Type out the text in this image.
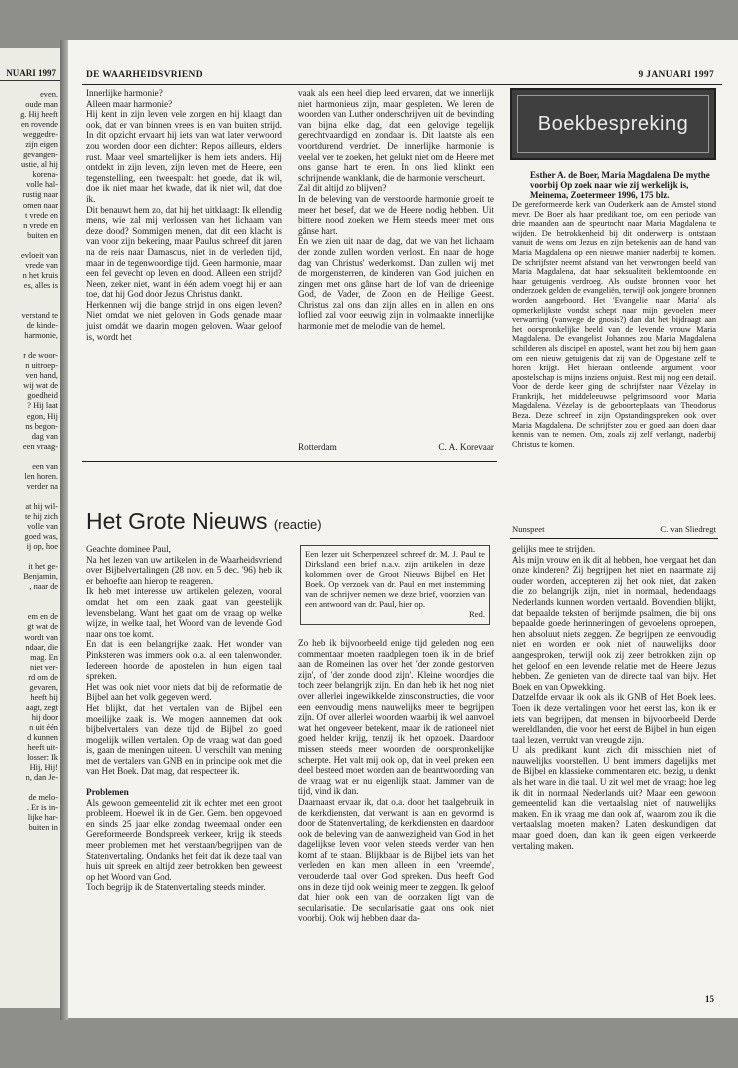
NUARI 1997
even.
oude man
g. Hij heeft
en rovende
weggedre-
zijn eigen
gevangen-
ustie, al hij
korena-
volle hal-
rustig naar
omen naar
t vrede en
n vrede en
buiten en

evloeit van
vrede van
n het kruis
es, alles is

verstand te
de kinde-
harmonie,

r de woor-
n uitroep-
ven hand,
wij wat de
goedheid
? Hij laat
egon, Hij
ns begon-
dag van
een vraag-

een van
len horen.
verder na

at hij wil-
te hij zich
volle van
goed was,
ij op, hoe

it het ge-
Benjamin,
, naar de

em en de
gt wat de
wordt van
ndaar, die
mag. En
niet ver-
rd om de
gevaren,
heeft hij
aagt, zegt
hij door
n uit één
d kunnen
heeft uit-
losser: Ik
Hij, Hij!
n, dan Je-

de melo-
. Er is in-
lijke har-
buiten in
DE WAARHEIDSVRIEND	9 JANUARI 1997

Innerlijke harmonie?

Alleen maar harmonie?

Hij kent in zijn leven vele zorgen en hij klaagt dan ook, dat er van binnen vrees is en van buiten strijd. In dit opzicht ervaart hij iets van wat later verwoord zou worden door een dichter: Repos ailleurs, elders rust. Maar veel smartelijker is hem iets anders. Hij ontdekt in zijn leven, zijn leven met de Heere, een tegenstelling, een tweespalt: het goede, dat ik wil, doe ik niet maar het kwade, dat ik niet wil, dat doe ik.

Dit benauwt hem zo, dat hij het uitklaagt: Ik ellendig mens, wie zal mij verlossen van het lichaam van deze dood? Sommigen menen, dat dit een klacht is van voor zijn bekering, maar Paulus schreef dit jaren na de reis naar Damascus, niet in de verleden tijd, maar in de tegenwoordige tijd. Geen harmonie, maar een fel gevecht op leven en dood. Alleen een strijd? Neen, zeker niet, want in één adem voegt hij er aan toe, dat hij God door Jezus Christus dankt.

Herkennen wij die bange strijd in ons eigen leven? Niet omdat we niet geloven in Gods genade maar juist omdát we daarin mogen geloven. Waar geloof is, wordt het

vaak als een heel diep leed ervaren, dat we innerlijk niet harmonieus zijn, maar gespleten. We leren de woorden van Luther onderschrijven uit de bevinding van bijna elke dag, dat een gelovige tegelijk gerechtvaardigd en zondaar is. Dit laatste als een voortdurend verdriet. De innerlijke harmonie is veelal ver te zoeken, het gelukt niet om de Heere met ons ganse hart te eren. In ons lied klinkt een schrijnende wanklank, die de harmonie verscheurt.

Zal dit altijd zo blijven?

In de beleving van de verstoorde harmonie groeit te meer het besef, dat we de Heere nodig hebben. Uit bittere nood zoeken we Hem steeds meer met ons gânse hart.

En we zien uit naar de dag, dat we van het lichaam der zonde zullen worden verlost. En naar de hoge dag van Christus' wederkomst. Dan zullen wij met de morgensterren, de kinderen van God juichen en zingen met ons gânse hart de lof van de drieenige God, de Vader, de Zoon en de Heilige Geest. Christus zal ons dan zijn alles en in allen en ons loflied zal voor eeuwig zijn in volmaakte innerlijke harmonie met de melodie van de hemel.

Rotterdam	C. A. Korevaar
Het Grote Nieuws (reactie)

Geachte dominee Paul,

Na het lezen van uw artikelen in de Waarheidsvriend over Bijbelvertalingen (28 nov. en 5 dec. '96) heb ik er behoefte aan hierop te reageren.

Ik heb met interesse uw artikelen gelezen, vooral omdat het om een zaak gaat van geestelijk levensbelang. Want het gaat om de vraag op welke wijze, in welke taal, het Woord van de levende God naar ons toe komt.

En dat is een belangrijke zaak. Het wonder van Pinksteren was immers ook o.a. al een talenwonder. Iedereen hoorde de apostelen in hun eigen taal spreken.

Het was ook niet voor niets dat bij de reformatie de Bijbel aan het volk gegeven werd.

Het blijkt, dat het vertalen van de Bijbel een moeilijke zaak is. We mogen aannemen dat ook bijbelvertalers van deze tijd de Bijbel zo goed mogelijk willen vertalen. Op de vraag wat dan goed is, gaan de meningen uiteen. U verschilt van mening met de vertalers van GNB en in principe ook met die van Het Boek. Dat mag, dat respecteer ik.

Problemen

Als gewoon gemeentelid zit ik echter met een groot probleem. Hoewel ik in de Ger. Gem. ben opgevoed en sinds 25 jaar elke zondag tweemaal onder een Gereformeerde Bondspreek verkeer, krijg ik steeds meer problemen met het verstaan/begrijpen van de Statenvertaling. Ondanks het feit dat ik deze taal van huis uit spreek en altijd zeer betrokken ben geweest op het Woord van God.

Toch begrijp ik de Statenvertaling steeds minder.

Een lezer uit Scherpenzeel schreef dr. M. J. Paul te Dirksland een brief n.a.v. zijn artikelen in deze kolommen over de Groot Nieuws Bijbel en Het Boek. Op verzoek van dr. Paul en met instemming van de schrijver nemen we deze brief, voorzien van een antwoord van dr. Paul, hier op.
Red.

Zo heb ik bijvoorbeeld enige tijd geleden nog een commentaar moeten raadplegen toen ik in de brief aan de Romeinen las over het 'der zonde gestorven zijn', of 'der zonde dood zijn'. Kleine woordjes die toch zeer belangrijk zijn. En dan heb ik het nog niet over allerlei ingewikkelde zinsconstructies, die voor een eenvoudig mens nauwelijks meer te begrijpen zijn. Of over allerlei woorden waarbij ik wel aanvoel wat het ongeveer betekent, maar ik de rationeel niet goed helder krijg, tenzij ik het opzoek. Daardoor missen steeds meer woorden de oorspronkelijke scherpte. Het valt mij ook op, dat in veel preken een deel besteed moet worden aan de beantwoording van de vraag wat er nu eigenlijk staat. Jammer van de tijd, vind ik dan.

Daarnaast ervaar ik, dat o.a. door het taalgebruik in de kerkdiensten, dat verwant is aan en gevormd is door de Statenvertaling, de kerkdiensten en daardoor ook de beleving van de aanwezigheid van God in het dagelijkse leven voor velen steeds verder van hen komt af te staan. Blijkbaar is de Bijbel iets van het verleden en kan men alleen in een 'vreemde', verouderde taal over God spreken. Dus heeft God ons in deze tijd ook weinig meer te zeggen. Ik geloof dat hier ook een van de oorzaken ligt van de secularisatie. De secularisatie gaat ons ook niet voorbij. Ook wij hebben daar da-

Boekbespreking
Esther A. de Boer, Maria Magdalena De mythe voorbij Op zoek naar wie zij werkelijk is, Meinema, Zoetermeer 1996, 175 blz.
De gereformeerde kerk van Ouderkerk aan de Amstel stond mevr. De Boer als haar predikant toe, om een periode van drie maanden aan de speurtocht naar Maria Magdalena te wijden. De betrokkenheid bij dit onderwerp is ontstaan vanuit de wens om Jezus en zijn betekenis aan de hand van Maria Magdalena op een nieuwe manier naderbij te komen. De schrijfster neemt afstand van het verwrongen beeld van Maria Magdalena, dat haar seksualiteit beklemtoonde en haar getuigenis verdroeg. Als oudste bronnen voor het onderzoek gelden de evangeliën, terwijl ook jongere bronnen worden aangeboord. Het 'Evangelie naar Maria' als opmerkelijkste vondst schept naar mijn gevoelen meer verwarring (vanwege de gnosis?) dan dat het bijdraagt aan het oorspronkelijke beeld van de levende vrouw Maria Magdalena. De evangelist Johannes zou Maria Magdalena schilderen als discipel en apostel, want het zou bij hem gaan om een nieuw getuigenis dat zij van de Opgestane zelf te horen krijgt. Het hieraan ontleende argument voor apostelschap is mijns inziens onjuist. Rest mij nog een detail. Voor de derde keer ging de schrijfster naar Vézelay in Frankrijk, het middeleeuwse pelgrimsoord voor Maria Magdalena. Vézelay is de geboorteplaats van Theodorus Beza. Deze schreef in zijn Opstandingspreken ook over Maria Magdalena. De schrijfster zou er goed aan doen daar kennis van te nemen. Om, zoals zij zelf verlangt, naderbij Christus te komen.
Nunspeet	C. van Sliedregt

gelijks mee te strijden.

Als mijn vrouw en ik dit al hebben, hoe vergaat het dan onze kinderen? Zij begrijpen het niet en naarmate zij ouder worden, accepteren zij het ook niet, dat zaken die zo belangrijk zijn, niet in normaal, hedendaags Nederlands kunnen worden vertaald. Bovendien blijkt, dat bepaalde teksten of berijmde psalmen, die bij ons bepaalde goede herinneringen of gevoelens oproepen, hen absoluut niets zeggen. Ze begrijpen ze eenvoudig niet en worden er ook niet of nauwelijks door aangesproken, terwijl ook zij zeer betrokken zijn op het geloof en een levende relatie met de Heere Jezus hebben. Ze genieten van de directe taal van bijv. Het Boek en van Opwekking.

Datzelfde ervaar ik ook als ik GNB of Het Boek lees. Toen ik deze vertalingen voor het eerst las, kon ik er iets van begrijpen, dat mensen in bijvoorbeeld Derde wereldlanden, die voor het eerst de Bijbel in hun eigen taal lezen, verrukt van vreugde zijn.

U als predikant kunt zich dit misschien niet of nauwelijks voorstellen. U bent immers dagelijks met de Bijbel en klassieke commentaren etc. bezig, u denkt als het ware in die taal. U zit wel met de vraag: hoe leg ik dit in normaal Nederlands uit? Maar een gewoon gemeentelid kan die vertaalslag niet of nauwelijks maken. En ik vraag me dan ook af, waarom zou ik die vertaalslag moeten maken? Laten deskundigen dat maar goed doen, dan kan ik geen eigen verkeerde vertaling maken.

15
